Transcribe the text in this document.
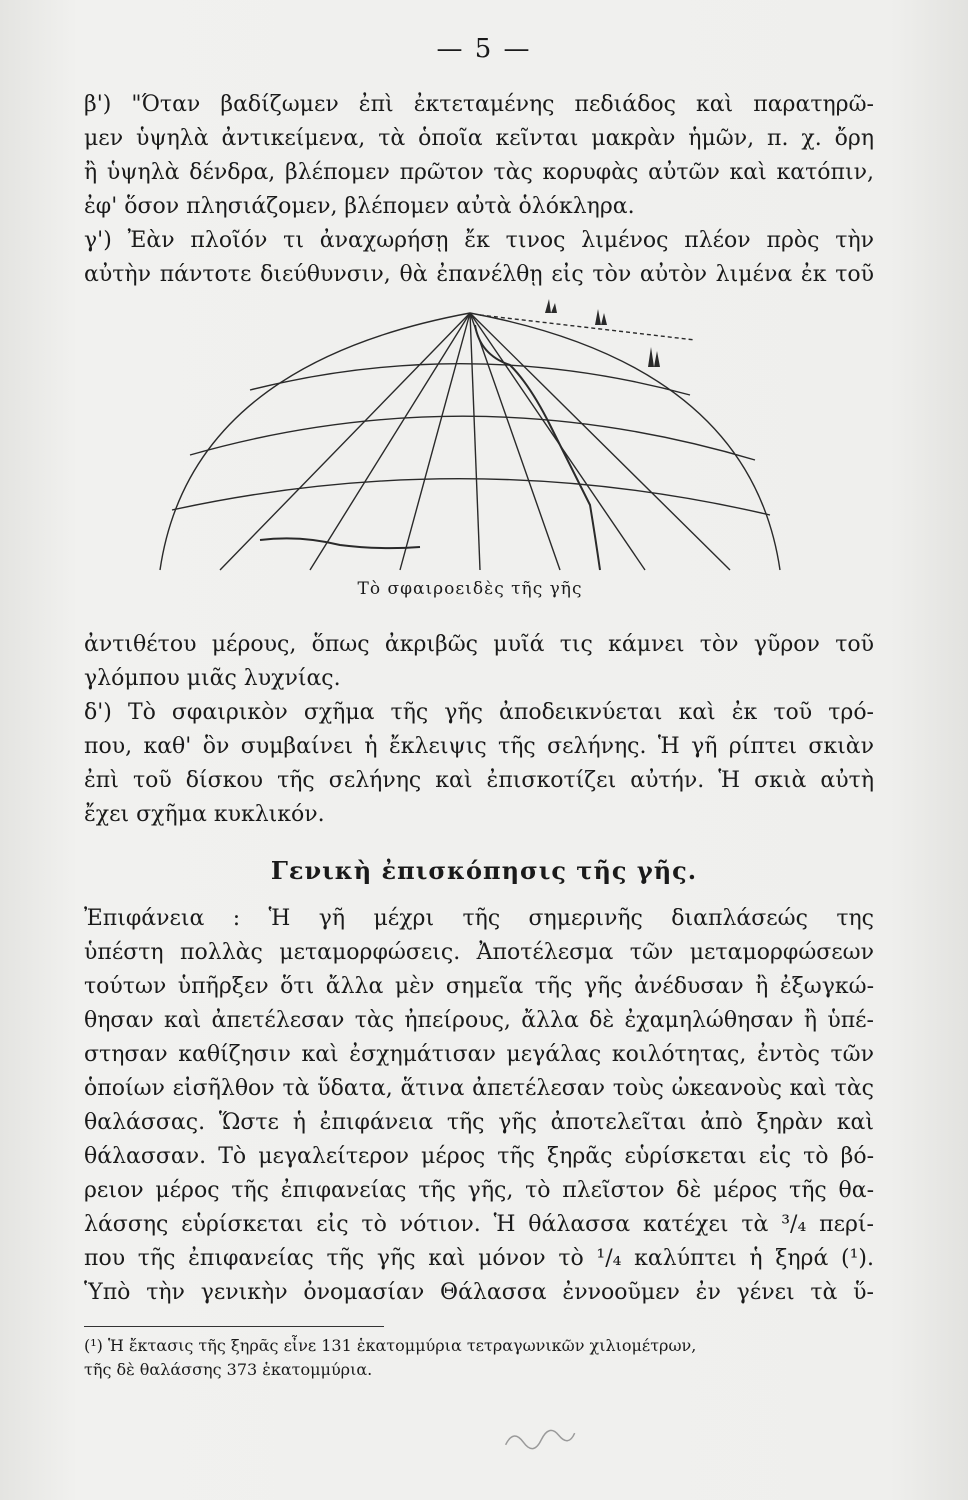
— 5 —
β') "Όταν βαδίζωμεν ἐπὶ ἐκτεταμένης πεδιάδος καὶ παρατηρῶ-
μεν ὑψηλὰ ἀντικείμενα, τὰ ὁποῖα κεῖνται μακρὰν ἡμῶν, π. χ. ὄρη
ἢ ὑψηλὰ δένδρα, βλέπομεν πρῶτον τὰς κορυφὰς αὐτῶν καὶ κατόπιν,
ἐφ' ὅσον πλησιάζομεν, βλέπομεν αὐτὰ ὁλόκληρα.
γ') Ἐὰν πλοῖόν τι ἀναχωρήσῃ ἔκ τινος λιμένος πλέον πρὸς τὴν
αὐτὴν πάντοτε διεύθυνσιν, θὰ ἐπανέλθῃ εἰς τὸν αὐτὸν λιμένα ἐκ τοῦ
Τὸ σφαιροειδὲς τῆς γῆς
ἀντιθέτου μέρους, ὅπως ἀκριβῶς μυῖά τις κάμνει τὸν γῦρον τοῦ
γλόμπου μιᾶς λυχνίας.
δ') Τὸ σφαιρικὸν σχῆμα τῆς γῆς ἀποδεικνύεται καὶ ἐκ τοῦ τρό-
που, καθ' ὃν συμβαίνει ἡ ἔκλειψις τῆς σελήνης. Ἡ γῆ ρίπτει σκιὰν
ἐπὶ τοῦ δίσκου τῆς σελήνης καὶ ἐπισκοτίζει αὐτήν. Ἡ σκιὰ αὐτὴ
ἔχει σχῆμα κυκλικόν.
Γενικὴ ἐπισκόπησις τῆς γῆς.
Ἐπιφάνεια : Ἡ γῆ μέχρι τῆς σημερινῆς διαπλάσεώς της
ὑπέστη πολλὰς μεταμορφώσεις. Ἀποτέλεσμα τῶν μεταμορφώσεων
τούτων ὑπῆρξεν ὅτι ἄλλα μὲν σημεῖα τῆς γῆς ἀνέδυσαν ἢ ἐξωγκώ-
θησαν καὶ ἀπετέλεσαν τὰς ἠπείρους, ἄλλα δὲ ἐχαμηλώθησαν ἢ ὑπέ-
στησαν καθίζησιν καὶ ἐσχημάτισαν μεγάλας κοιλότητας, ἐντὸς τῶν
ὁποίων εἰσῆλθον τὰ ὕδατα, ἅτινα ἀπετέλεσαν τοὺς ὠκεανοὺς καὶ τὰς
θαλάσσας. Ὥστε ἡ ἐπιφάνεια τῆς γῆς ἀποτελεῖται ἀπὸ ξηρὰν καὶ
θάλασσαν. Τὸ μεγαλείτερον μέρος τῆς ξηρᾶς εὑρίσκεται εἰς τὸ βό-
ρειον μέρος τῆς ἐπιφανείας τῆς γῆς, τὸ πλεῖστον δὲ μέρος τῆς θα-
λάσσης εὑρίσκεται εἰς τὸ νότιον. Ἡ θάλασσα κατέχει τὰ ³/₄ περί-
που τῆς ἐπιφανείας τῆς γῆς καὶ μόνον τὸ ¹/₄ καλύπτει ἡ ξηρά (¹).
Ὑπὸ τὴν γενικὴν ὀνομασίαν Θάλασσα ἐννοοῦμεν ἐν γένει τὰ ὕ-
(¹) Ἡ ἔκτασις τῆς ξηρᾶς εἶνε 131 ἑκατομμύρια τετραγωνικῶν χιλιομέτρων,
τῆς δὲ θαλάσσης 373 ἑκατομμύρια.
